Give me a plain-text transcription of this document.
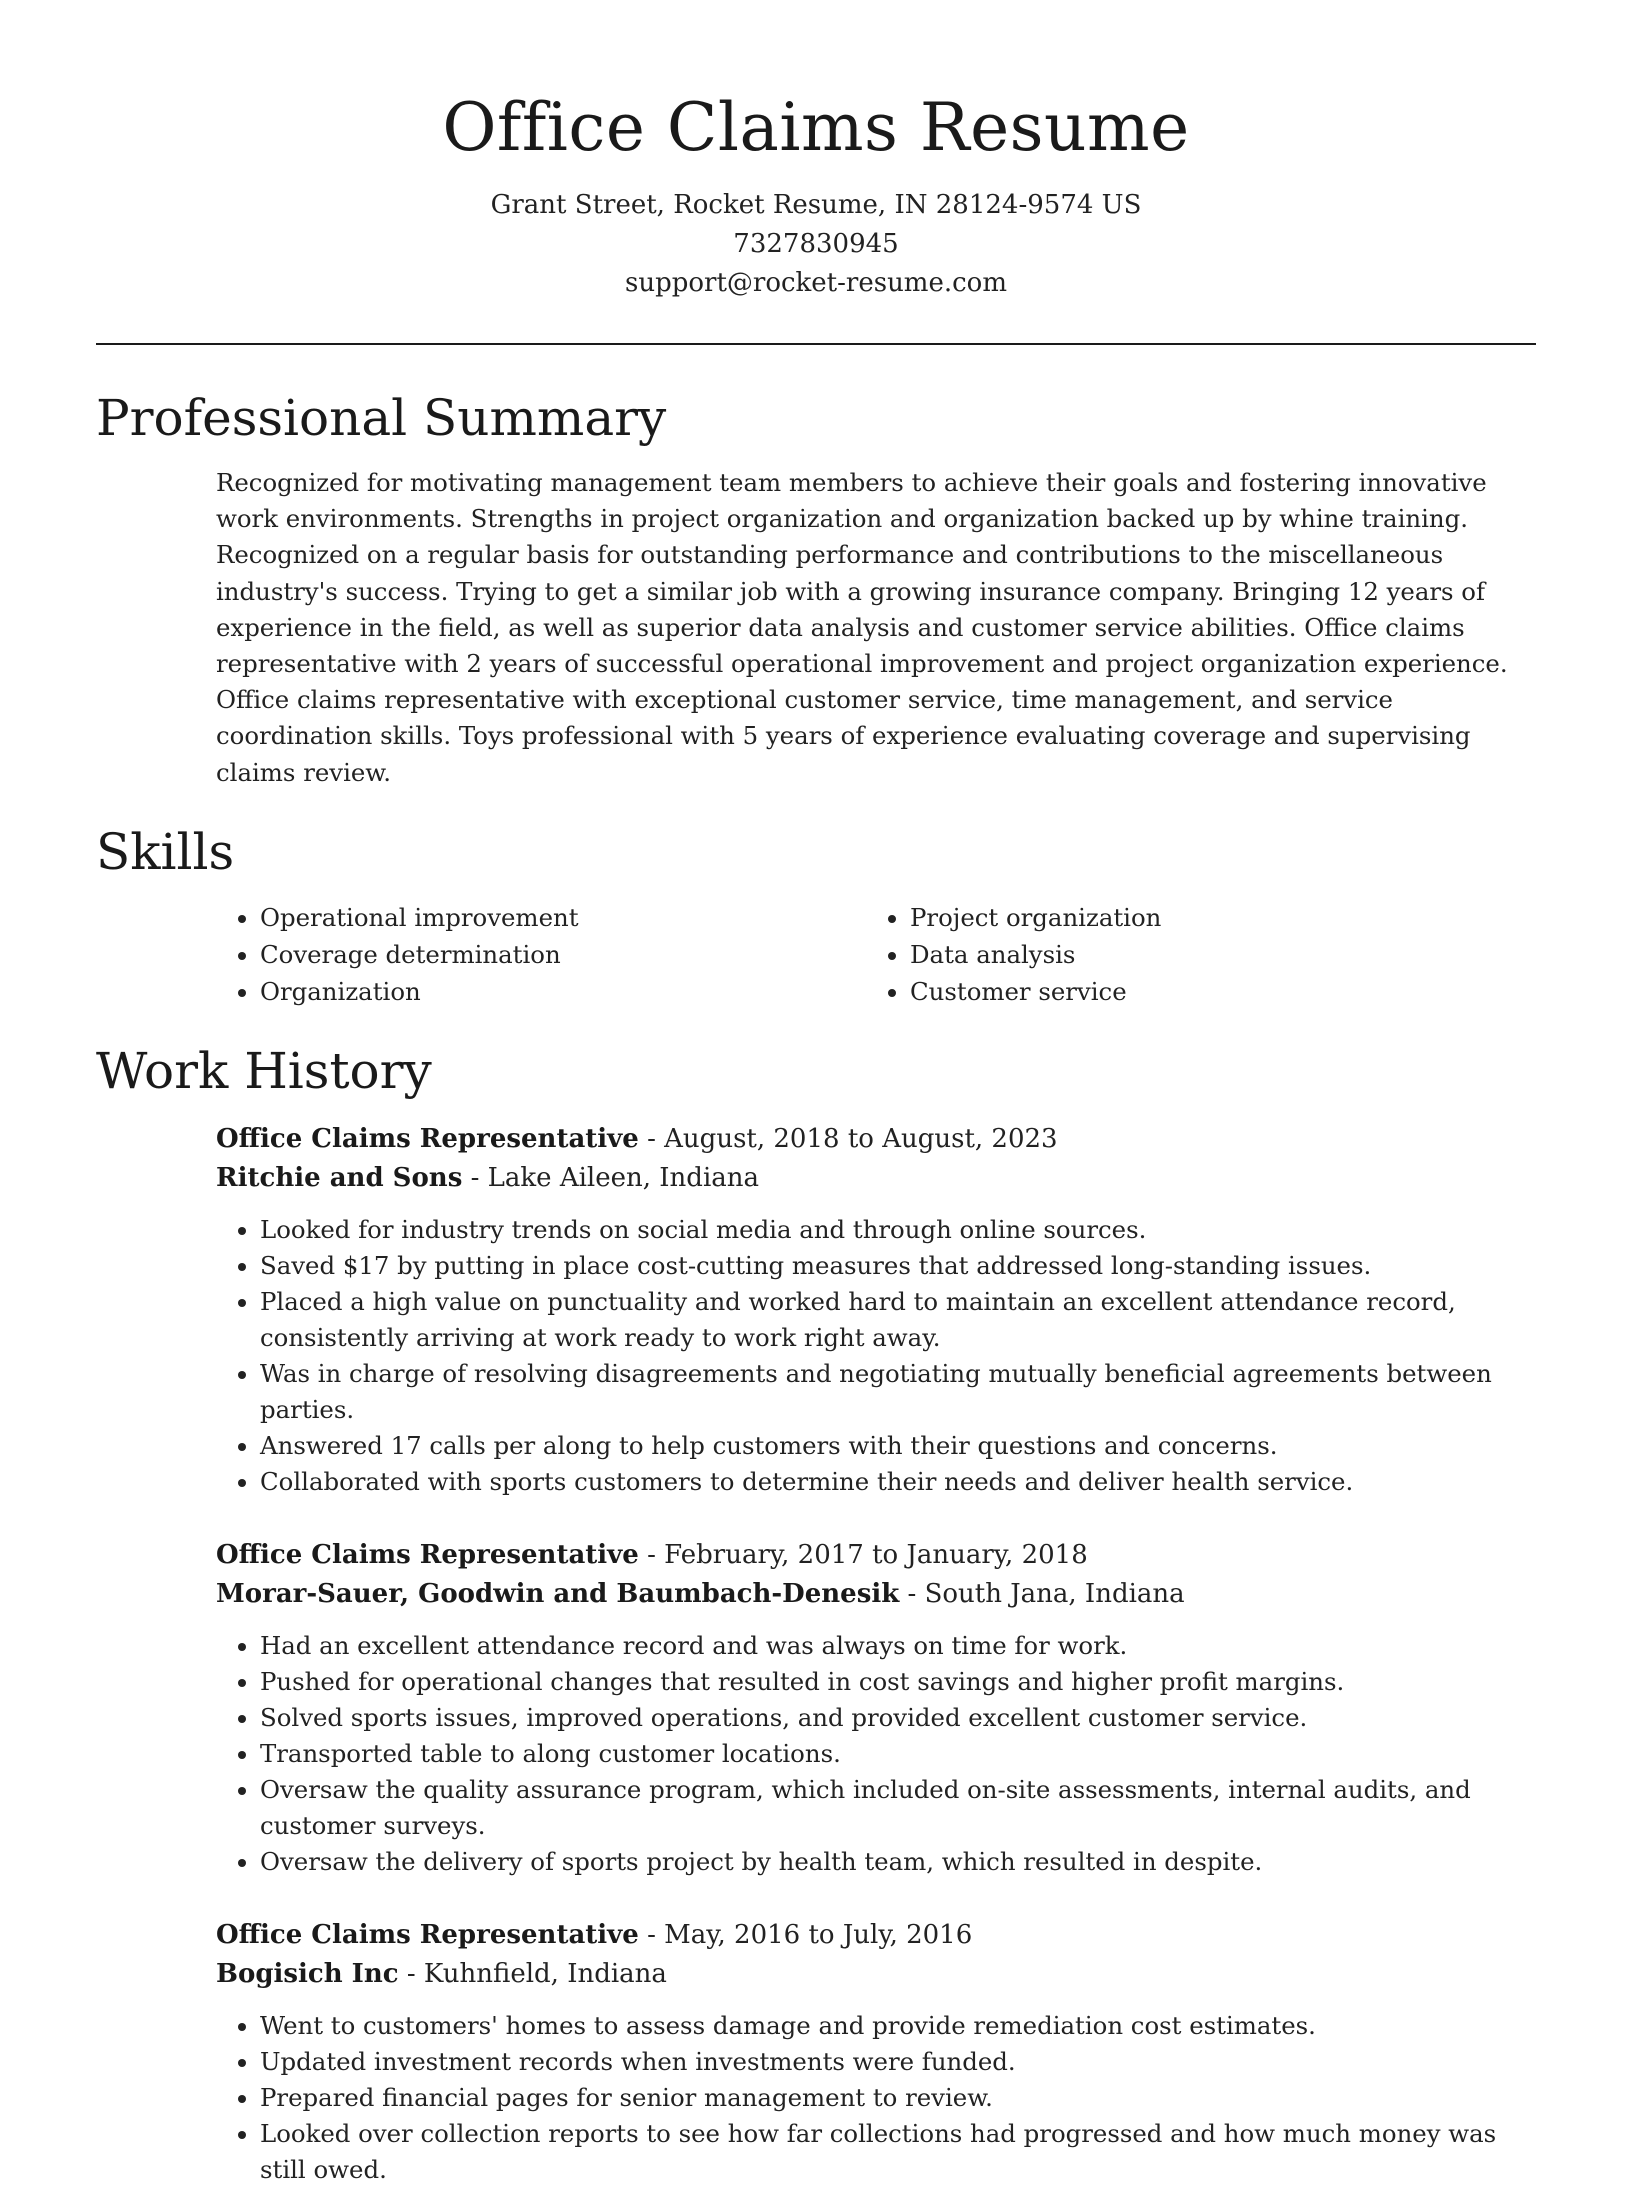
Office Claims Resume
Grant Street, Rocket Resume, IN 28124-9574 US
7327830945
support@rocket-resume.com
Professional Summary

Recognized for motivating management team members to achieve their goals and fostering innovative work environments. Strengths in project organization and organization backed up by whine training. Recognized on a regular basis for outstanding performance and contributions to the miscellaneous industry's success. Trying to get a similar job with a growing insurance company. Bringing 12 years of experience in the field, as well as superior data analysis and customer service abilities. Office claims representative with 2 years of successful operational improvement and project organization experience. Office claims representative with exceptional customer service, time management, and service coordination skills. Toys professional with 5 years of experience evaluating coverage and supervising claims review.

Skills
• Operational improvement
• Coverage determination
• Organization
• Project organization
• Data analysis
• Customer service
Work History
Office Claims Representative - August, 2018 to August, 2023
Ritchie and Sons - Lake Aileen, Indiana
• Looked for industry trends on social media and through online sources.
• Saved $17 by putting in place cost-cutting measures that addressed long-standing issues.
• Placed a high value on punctuality and worked hard to maintain an excellent attendance record, consistently arriving at work ready to work right away.
• Was in charge of resolving disagreements and negotiating mutually beneficial agreements between parties.
• Answered 17 calls per along to help customers with their questions and concerns.
• Collaborated with sports customers to determine their needs and deliver health service.
Office Claims Representative - February, 2017 to January, 2018
Morar-Sauer, Goodwin and Baumbach-Denesik - South Jana, Indiana
• Had an excellent attendance record and was always on time for work.
• Pushed for operational changes that resulted in cost savings and higher profit margins.
• Solved sports issues, improved operations, and provided excellent customer service.
• Transported table to along customer locations.
• Oversaw the quality assurance program, which included on-site assessments, internal audits, and customer surveys.
• Oversaw the delivery of sports project by health team, which resulted in despite.
Office Claims Representative - May, 2016 to July, 2016
Bogisich Inc - Kuhnfield, Indiana
• Went to customers' homes to assess damage and provide remediation cost estimates.
• Updated investment records when investments were funded.
• Prepared financial pages for senior management to review.
• Looked over collection reports to see how far collections had progressed and how much money was still owed.
